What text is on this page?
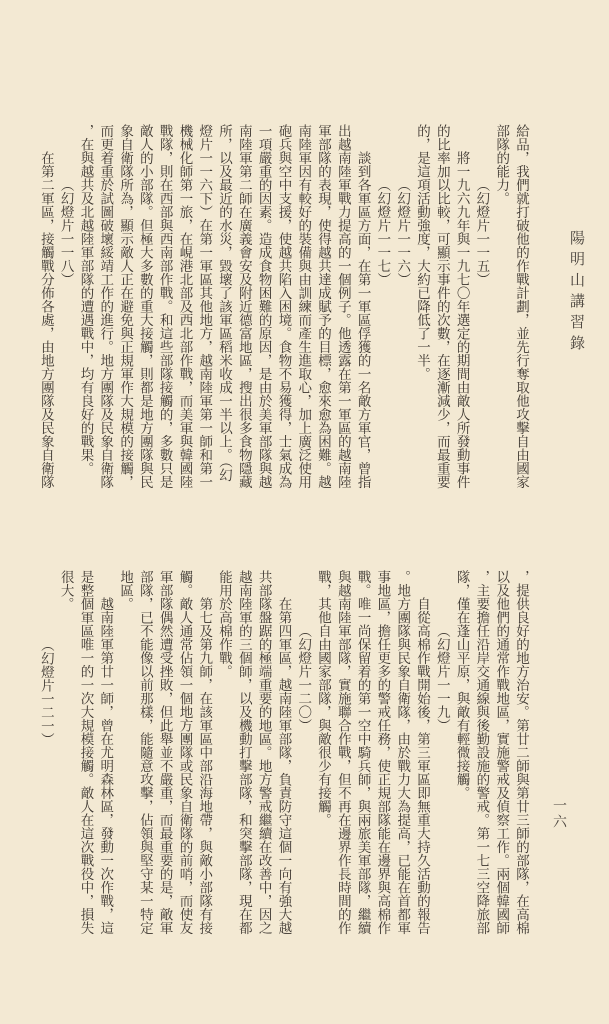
陽明山講習錄
一六
給品，我們就打破他的作戰計劃，並先行奪取他攻擊自由國家
部隊的能力。
（幻燈片一一五）
將一九六九年與一九七〇年選定的期間由敵人所發動事件
的比率加以比較，可顯示事件的次數，在逐漸減少，而最重要
的，是這項活動強度，大約已降低了一半。
（幻燈片一一六）
（幻燈片一一七）
談到各軍區方面，在第一軍區俘獲的一名敵方軍官，曾指
出越南陸軍戰力提高的一個例子。他透露在第一軍區的越南陸
軍部隊的表現，使得越共達成賦予的目標，愈來愈為困難。越
南陸軍因有較好的裝備與由訓練而產生進取心，加上廣泛使用
砲兵與空中支援，使越共陷入困境。食物不易獲得，士氣成為
一項嚴重的因素。造成食物困難的原因，是由於美軍部隊與越
南陸軍第二師在廣義會安及附近德富地區，搜出很多食物隱藏
所，以及最近的水災，毀壞了該軍區稻米收成一半以上。（幻
燈片一一六下）在第一軍區其他地方，越南陸軍第一師和第一
機械化師第一旅，在峴港北部及西北部作戰，而美軍與韓國陸
戰隊，則在西部與西南部作戰。和這些部隊接觸的，多數只是
敵人的小部隊。但極大多數的重大接觸，則都是地方團隊與民
象自衛隊所為，顯示敵人正在避免與正規軍作大規模的接觸，
而更着重於試圖破壞綏靖工作的進行。地方團隊及民象自衛隊
，在與越共及北越陸軍部隊的遭遇戰中，均有良好的戰果。
（幻燈片一一八）
在第二軍區，接觸戰分佈各處，由地方團隊及民象自衛隊
，提供良好的地方治安。第廿二師與第廿三師的部隊，在高棉
以及他們的通常作戰地區，實施警戒及偵察工作。兩個韓國師
，主要擔任沿岸交通線與後勤設施的警戒。第一七三空降旅部
隊，僅在蓬山平原，與敵有輕微接觸。
（幻燈片一一九）
自從高棉作戰開始後，第三軍區即無重大持久活動的報告
。地方團隊與民象自衛隊，由於戰力大為提高，已能在首都軍
事地區，擔任更多的警戒任務，使正規部隊能在邊界與高棉作
戰。唯一尚保留着的第一空中騎兵師，與兩旅美軍部隊，繼續
與越南陸軍部隊，實施聯合作戰，但不再在邊界作長時間的作
戰，其他自由國家部隊，與敵很少有接觸。
（幻燈片一二〇）
在第四軍區，越南陸軍部隊，負責防守這個一向有強大越
共部隊盤踞的極端重要的地區。地方警戒繼續在改善中，因之
越南陸軍的三個師，以及機動打擊部隊，和突擊部隊，現在都
能用於高棉作戰。
第七及第九師，在該軍區中部沿海地帶，與敵小部隊有接
觸。敵人通常佔領一個地方團隊或民象自衛隊的前哨，而使友
軍部隊偶然遭受挫敗，但此舉並不嚴重，而最重要的是，敵軍
部隊，已不能像以前那樣，能隨意攻擊，佔領與堅守某一特定
地區。
越南陸軍第廿一師，曾在尤明森林區，發動一次作戰，這
是整個軍區唯一的一次大規模接觸。敵人在這次戰役中，損失
很大。
（幻燈片一二一）
